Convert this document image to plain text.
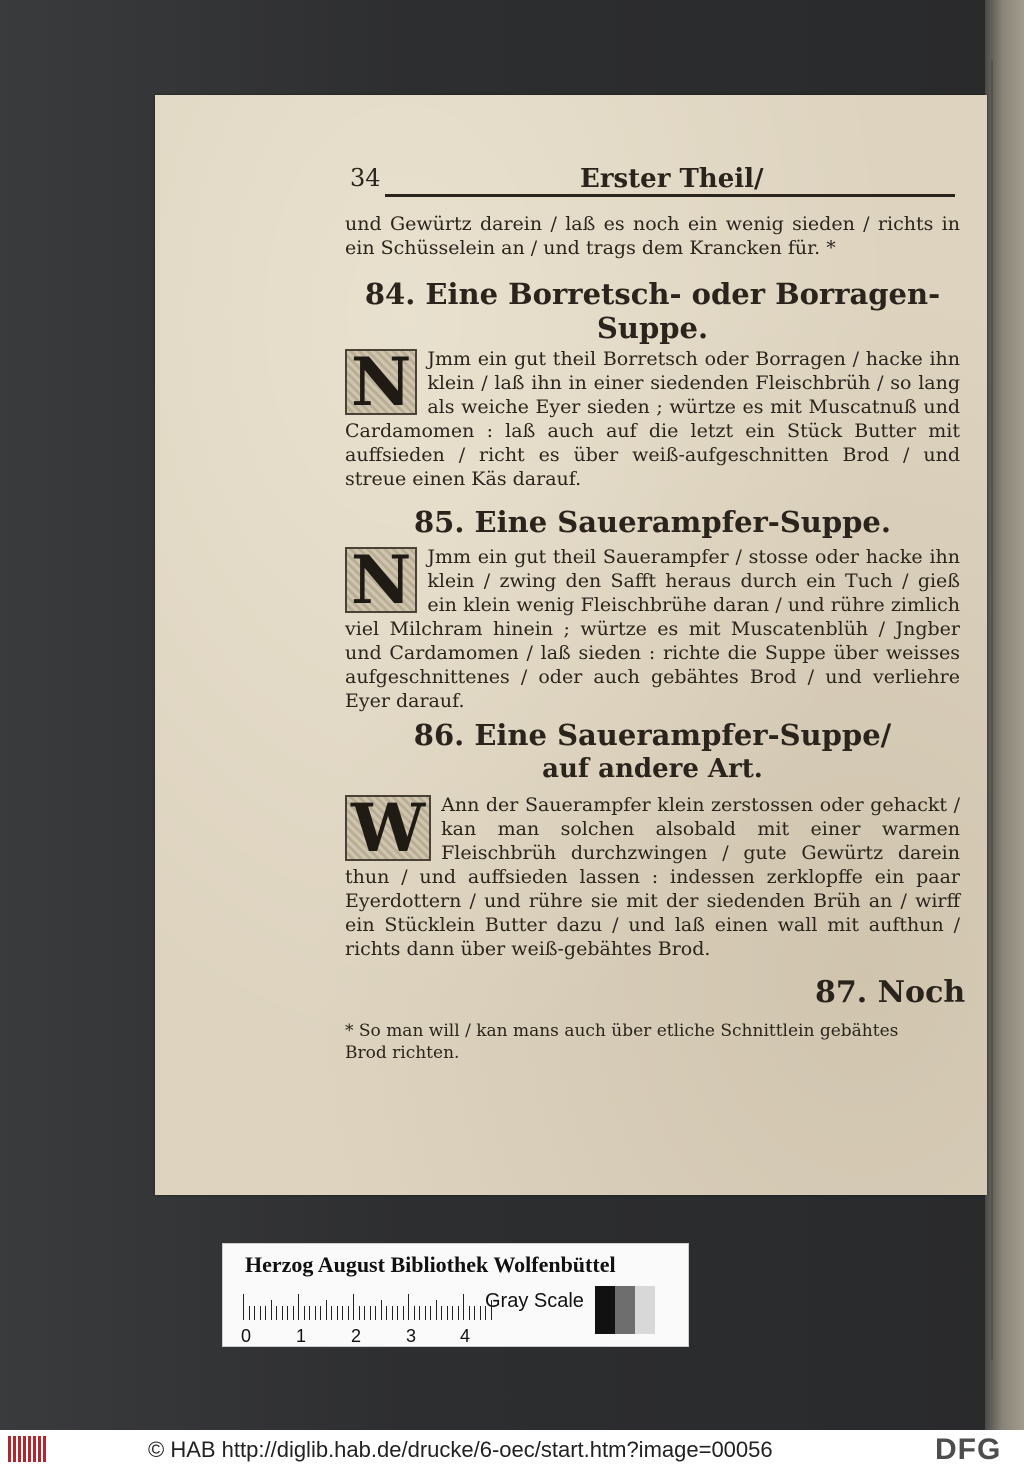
34	Erster Theil/
und Gewürtz darein / laß es noch ein wenig sieden / richts in ein Schüsselein an / und trags dem Krancken für. *
84. Eine Borretsch- oder Borragen- Suppe.
N Jmm ein gut theil Borretsch oder Borragen / hacke ihn klein / laß ihn in einer siedenden Fleischbrüh / so lang als weiche Eyer sieden ; würtze es mit Muscatnuß und Cardamomen : laß auch auf die letzt ein Stück Butter mit auffsieden / richt es über weiß-aufgeschnitten Brod / und streue einen Käs darauf.
85. Eine Sauerampfer-Suppe.
N Jmm ein gut theil Sauerampfer / stosse oder hacke ihn klein / zwing den Safft heraus durch ein Tuch / gieß ein klein wenig Fleischbrühe daran / und rühre zimlich viel Milchram hinein ; würtze es mit Muscatenblüh / Jngber und Cardamomen / laß sieden : richte die Suppe über weisses aufgeschnittenes / oder auch gebähtes Brod / und verliehre Eyer darauf.
86. Eine Sauerampfer-Suppe/
auf andere Art.
W Ann der Sauerampfer klein zerstossen oder gehackt / kan man solchen alsobald mit einer warmen Fleischbrüh durchzwingen / gute Gewürtz darein thun / und auffsieden lassen : indessen zerklopffe ein paar Eyerdottern / und rühre sie mit der siedenden Brüh an / wirff ein Stücklein Butter dazu / und laß einen wall mit aufthun / richts dann über weiß-gebähtes Brod.
87. Noch
* So man will / kan mans auch über etliche Schnittlein gebähtes Brod richten.
Herzog August Bibliothek Wolfenbüttel
0 1 2 3 4
Gray Scale
© HAB http://diglib.hab.de/drucke/6-oec/start.htm?image=00056	DFG
